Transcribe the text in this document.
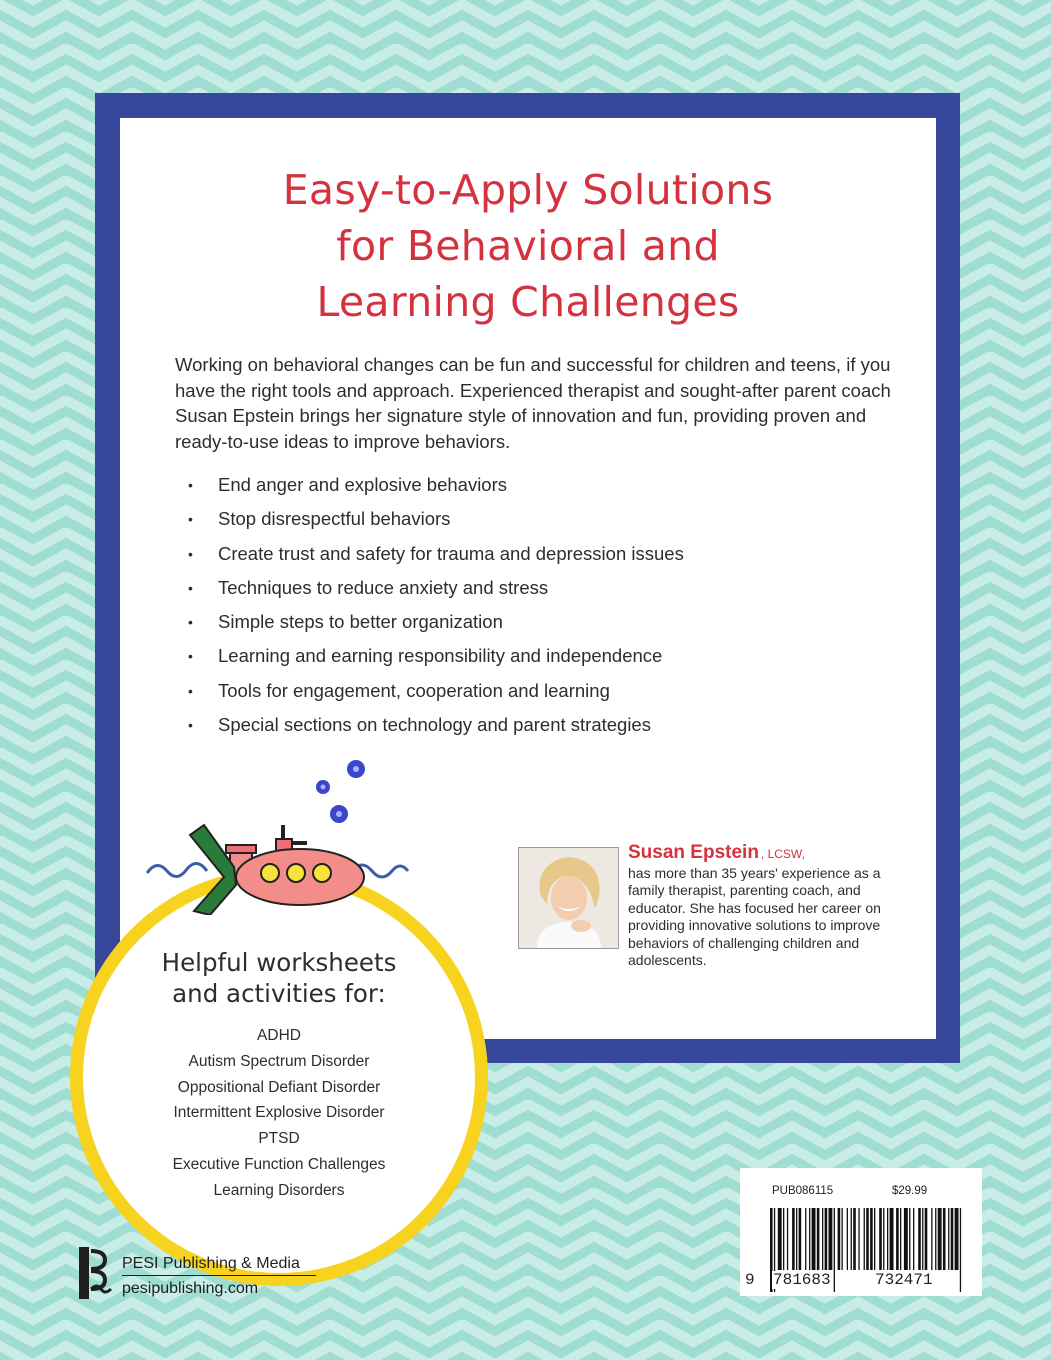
Easy-to-Apply Solutions
for Behavioral and
Learning Challenges

Working on behavioral changes can be fun and successful for children and teens, if you have the right tools and approach. Experienced therapist and sought-after parent coach Susan Epstein brings her signature style of innovation and fun, providing proven and ready-to-use ideas to improve behaviors.

• End anger and explosive behaviors
• Stop disrespectful behaviors
• Create trust and safety for trauma and depression issues
• Techniques to reduce anxiety and stress
• Simple steps to better organization
• Learning and earning responsibility and independence
• Tools for engagement, cooperation and learning
• Special sections on technology and parent strategies

Susan Epstein , LCSW,

has more than 35 years' experience as a family therapist, parenting coach, and educator. She has focused her career on providing innovative solutions to improve behaviors of challenging children and adolescents.

Helpful worksheets
and activities for:
ADHD
Autism Spectrum Disorder
Oppositional Defiant Disorder
Intermittent Explosive Disorder
PTSD
Executive Function Challenges
Learning Disorders
PESI Publishing & Media
pesipublishing.com
PUB086115	$29.99
9 781683	732471
